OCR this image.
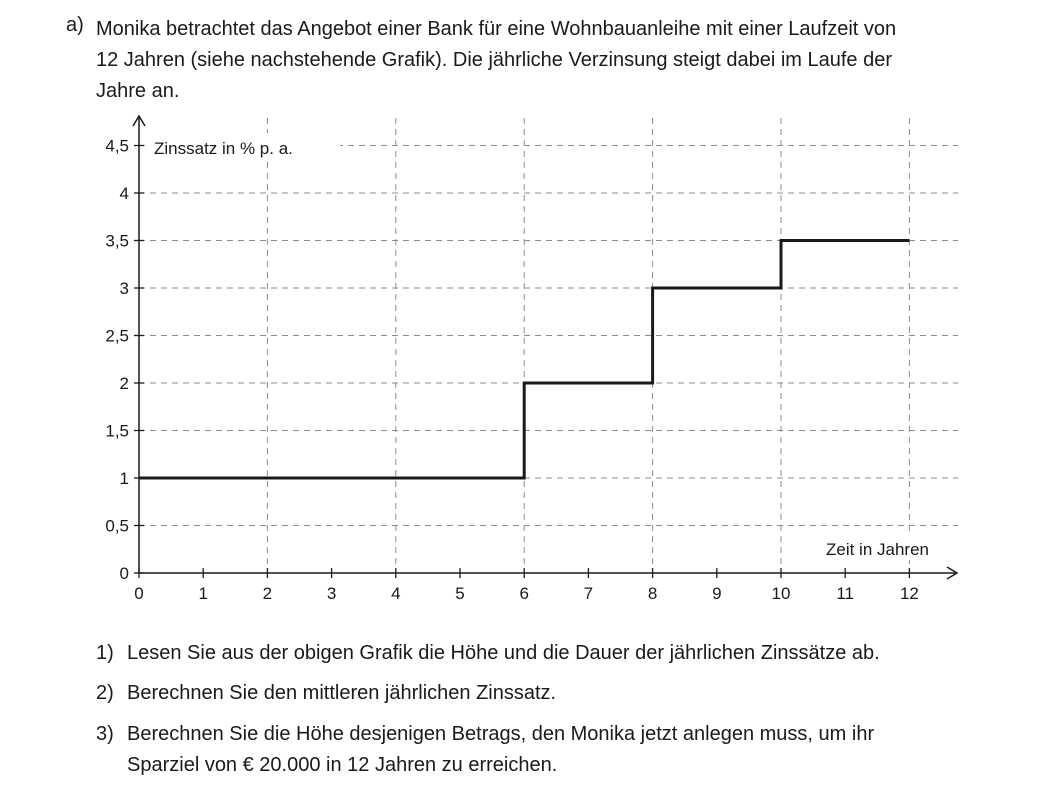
a) Monika betrachtet das Angebot einer Bank für eine Wohnbauanleihe mit einer Laufzeit von
12 Jahren (siehe nachstehende Grafik). Die jährliche Verzinsung steigt dabei im Laufe der
Jahre an.
0	1	2	3	4	5	6	7	8	9	10	11	12
0
0,5
1
1,5
2
2,5
3
3,5
4
4,5 Zinssatz in % p. a.
Zeit in Jahren
1) Lesen Sie aus der obigen Grafik die Höhe und die Dauer der jährlichen Zinssätze ab.
2) Berechnen Sie den mittleren jährlichen Zinssatz.
3) Berechnen Sie die Höhe desjenigen Betrags, den Monika jetzt anlegen muss, um ihr
Sparziel von € 20.000 in 12 Jahren zu erreichen.
